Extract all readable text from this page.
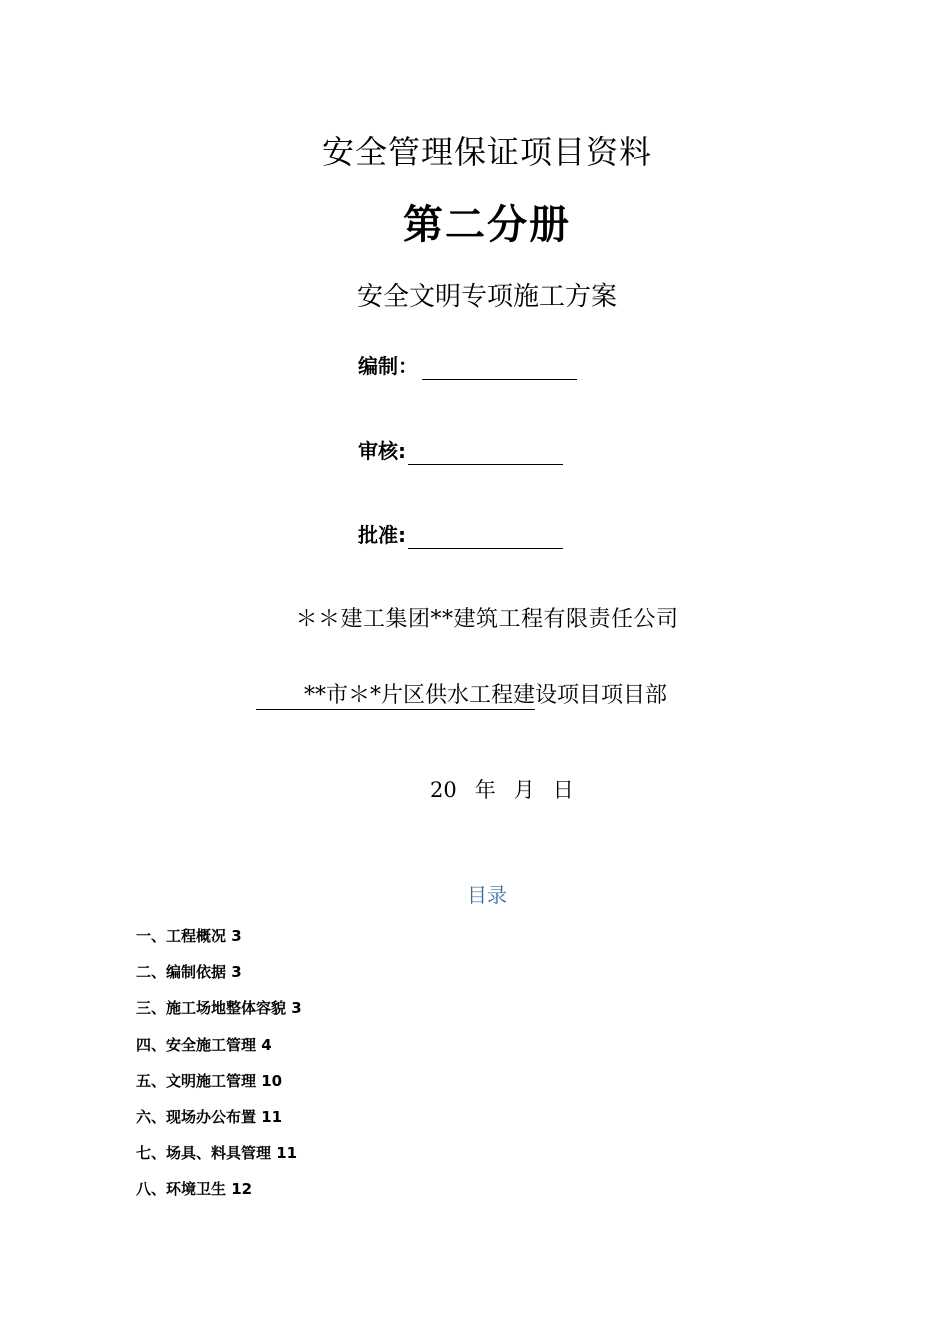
安全管理保证项目资料
第二分册
安全文明专项施工方案
编制：
审核:
批准:
＊＊建工集团**建筑工程有限责任公司
**市＊*片区供水工程建设项目项目部
20 年 月 日
目录
一、工程概况 3
二、编制依据 3
三、施工场地整体容貌 3
四、安全施工管理 4
五、文明施工管理 10
六、现场办公布置 11
七、场具、料具管理 11
八、环境卫生 12
